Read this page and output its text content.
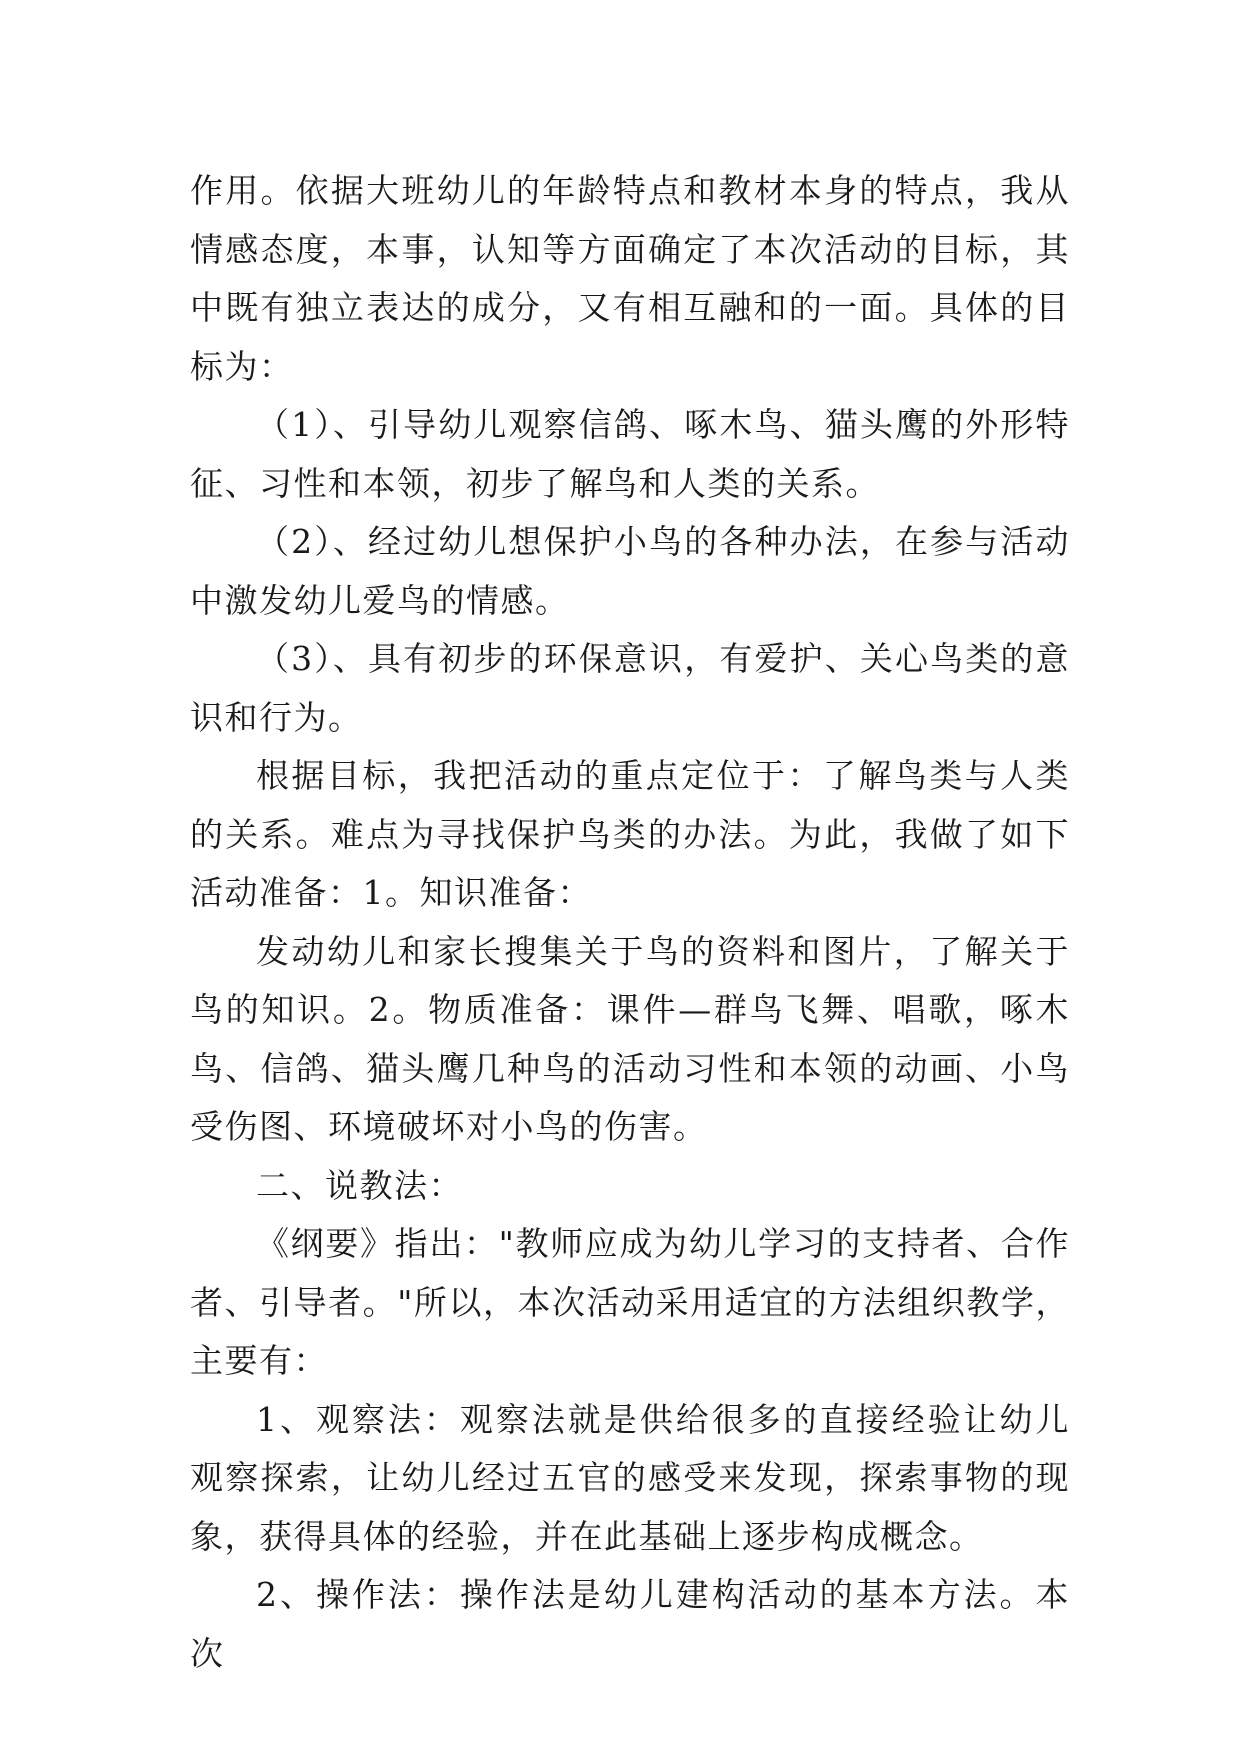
作用。依据大班幼儿的年龄特点和教材本身的特点，我从情感态度，本事，认知等方面确定了本次活动的目标，其中既有独立表达的成分，又有相互融和的一面。具体的目标为：

（1）、引导幼儿观察信鸽、啄木鸟、猫头鹰的外形特征、习性和本领，初步了解鸟和人类的关系。

（2）、经过幼儿想保护小鸟的各种办法，在参与活动中激发幼儿爱鸟的情感。

（3）、具有初步的环保意识，有爱护、关心鸟类的意识和行为。

根据目标，我把活动的重点定位于：了解鸟类与人类的关系。难点为寻找保护鸟类的办法。为此，我做了如下活动准备：1。知识准备：

发动幼儿和家长搜集关于鸟的资料和图片，了解关于鸟的知识。2。物质准备：课件—群鸟飞舞、唱歌，啄木鸟、信鸽、猫头鹰几种鸟的活动习性和本领的动画、小鸟受伤图、环境破坏对小鸟的伤害。

二、说教法：

《纲要》指出："教师应成为幼儿学习的支持者、合作者、引导者。"所以，本次活动采用适宜的方法组织教学，主要有：

1、观察法：观察法就是供给很多的直接经验让幼儿观察探索，让幼儿经过五官的感受来发现，探索事物的现象，获得具体的经验，并在此基础上逐步构成概念。

2、操作法：操作法是幼儿建构活动的基本方法。本次
